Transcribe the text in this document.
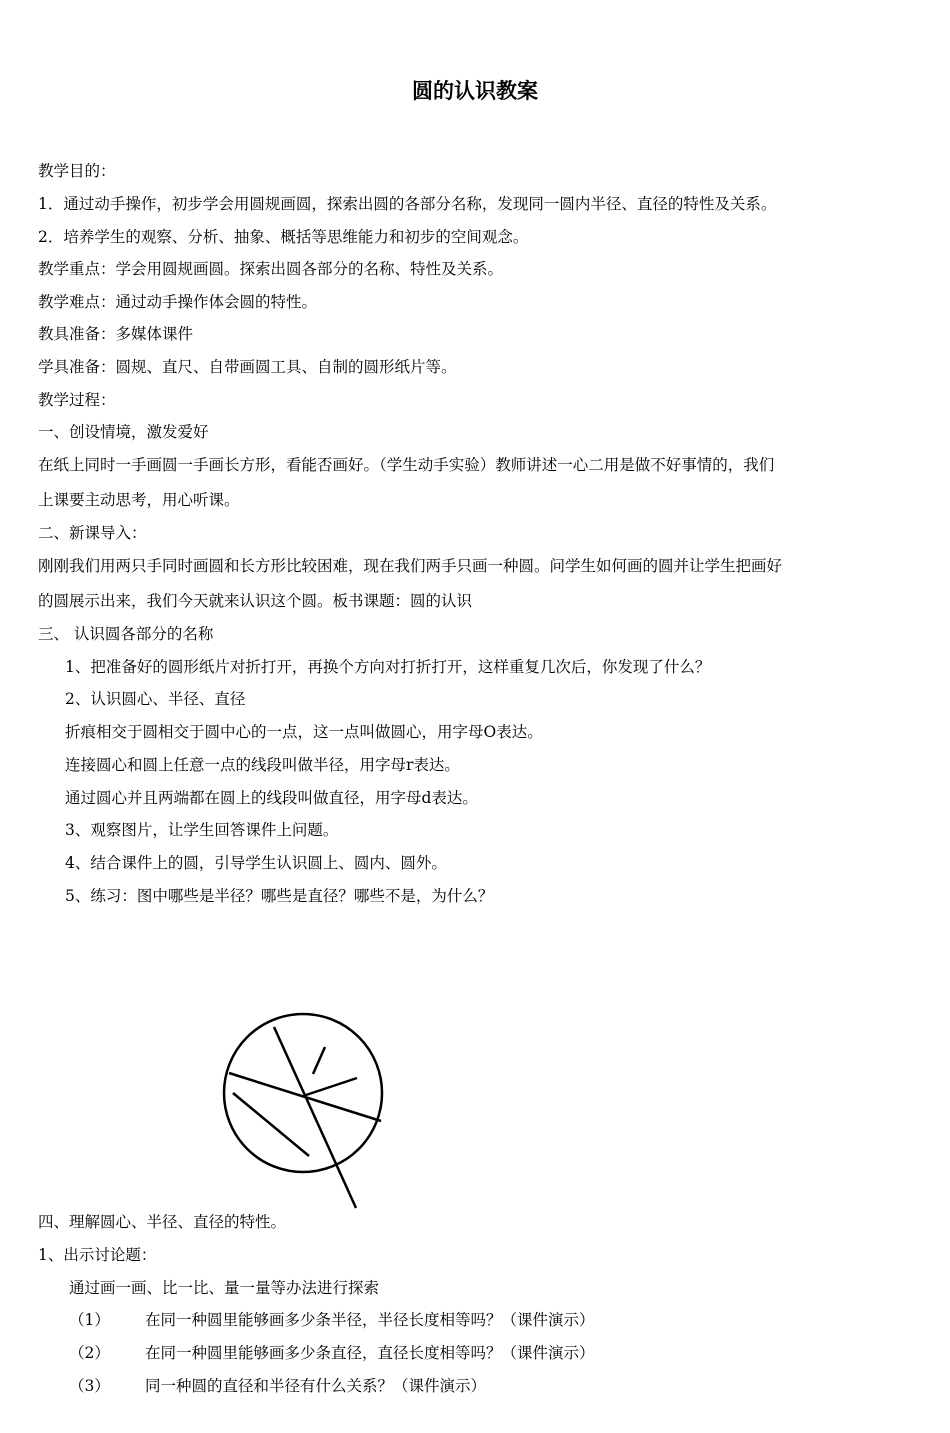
圆的认识教案
教学目的：
1．通过动手操作，初步学会用圆规画圆，探索出圆的各部分名称，发现同一圆内半径、直径的特性及关系。
2．培养学生的观察、分析、抽象、概括等思维能力和初步的空间观念。
教学重点：学会用圆规画圆。探索出圆各部分的名称、特性及关系。
教学难点：通过动手操作体会圆的特性。
教具准备：多媒体课件
学具准备：圆规、直尺、自带画圆工具、自制的圆形纸片等。
教学过程：
一、创设情境，激发爱好
在纸上同时一手画圆一手画长方形，看能否画好。（学生动手实验）教师讲述一心二用是做不好事情的，我们
上课要主动思考，用心听课。
二、新课导入：
刚刚我们用两只手同时画圆和长方形比较困难，现在我们两手只画一种圆。问学生如何画的圆并让学生把画好
的圆展示出来，我们今天就来认识这个圆。板书课题：圆的认识
三、 认识圆各部分的名称
1、把准备好的圆形纸片对折打开，再换个方向对打折打开，这样重复几次后，你发现了什么？
2、认识圆心、半径、直径
折痕相交于圆相交于圆中心的一点，这一点叫做圆心，用字母O表达。
连接圆心和圆上任意一点的线段叫做半径，用字母r表达。
通过圆心并且两端都在圆上的线段叫做直径，用字母d表达。
3、观察图片，让学生回答课件上问题。
4、结合课件上的圆，引导学生认识圆上、圆内、圆外。
5、练习：图中哪些是半径？哪些是直径？哪些不是，为什么？
四、理解圆心、半径、直径的特性。
1、出示讨论题：
通过画一画、比一比、量一量等办法进行探索
（1） 在同一种圆里能够画多少条半径，半径长度相等吗？（课件演示）
（2） 在同一种圆里能够画多少条直径，直径长度相等吗？（课件演示）
（3） 同一种圆的直径和半径有什么关系？（课件演示）
